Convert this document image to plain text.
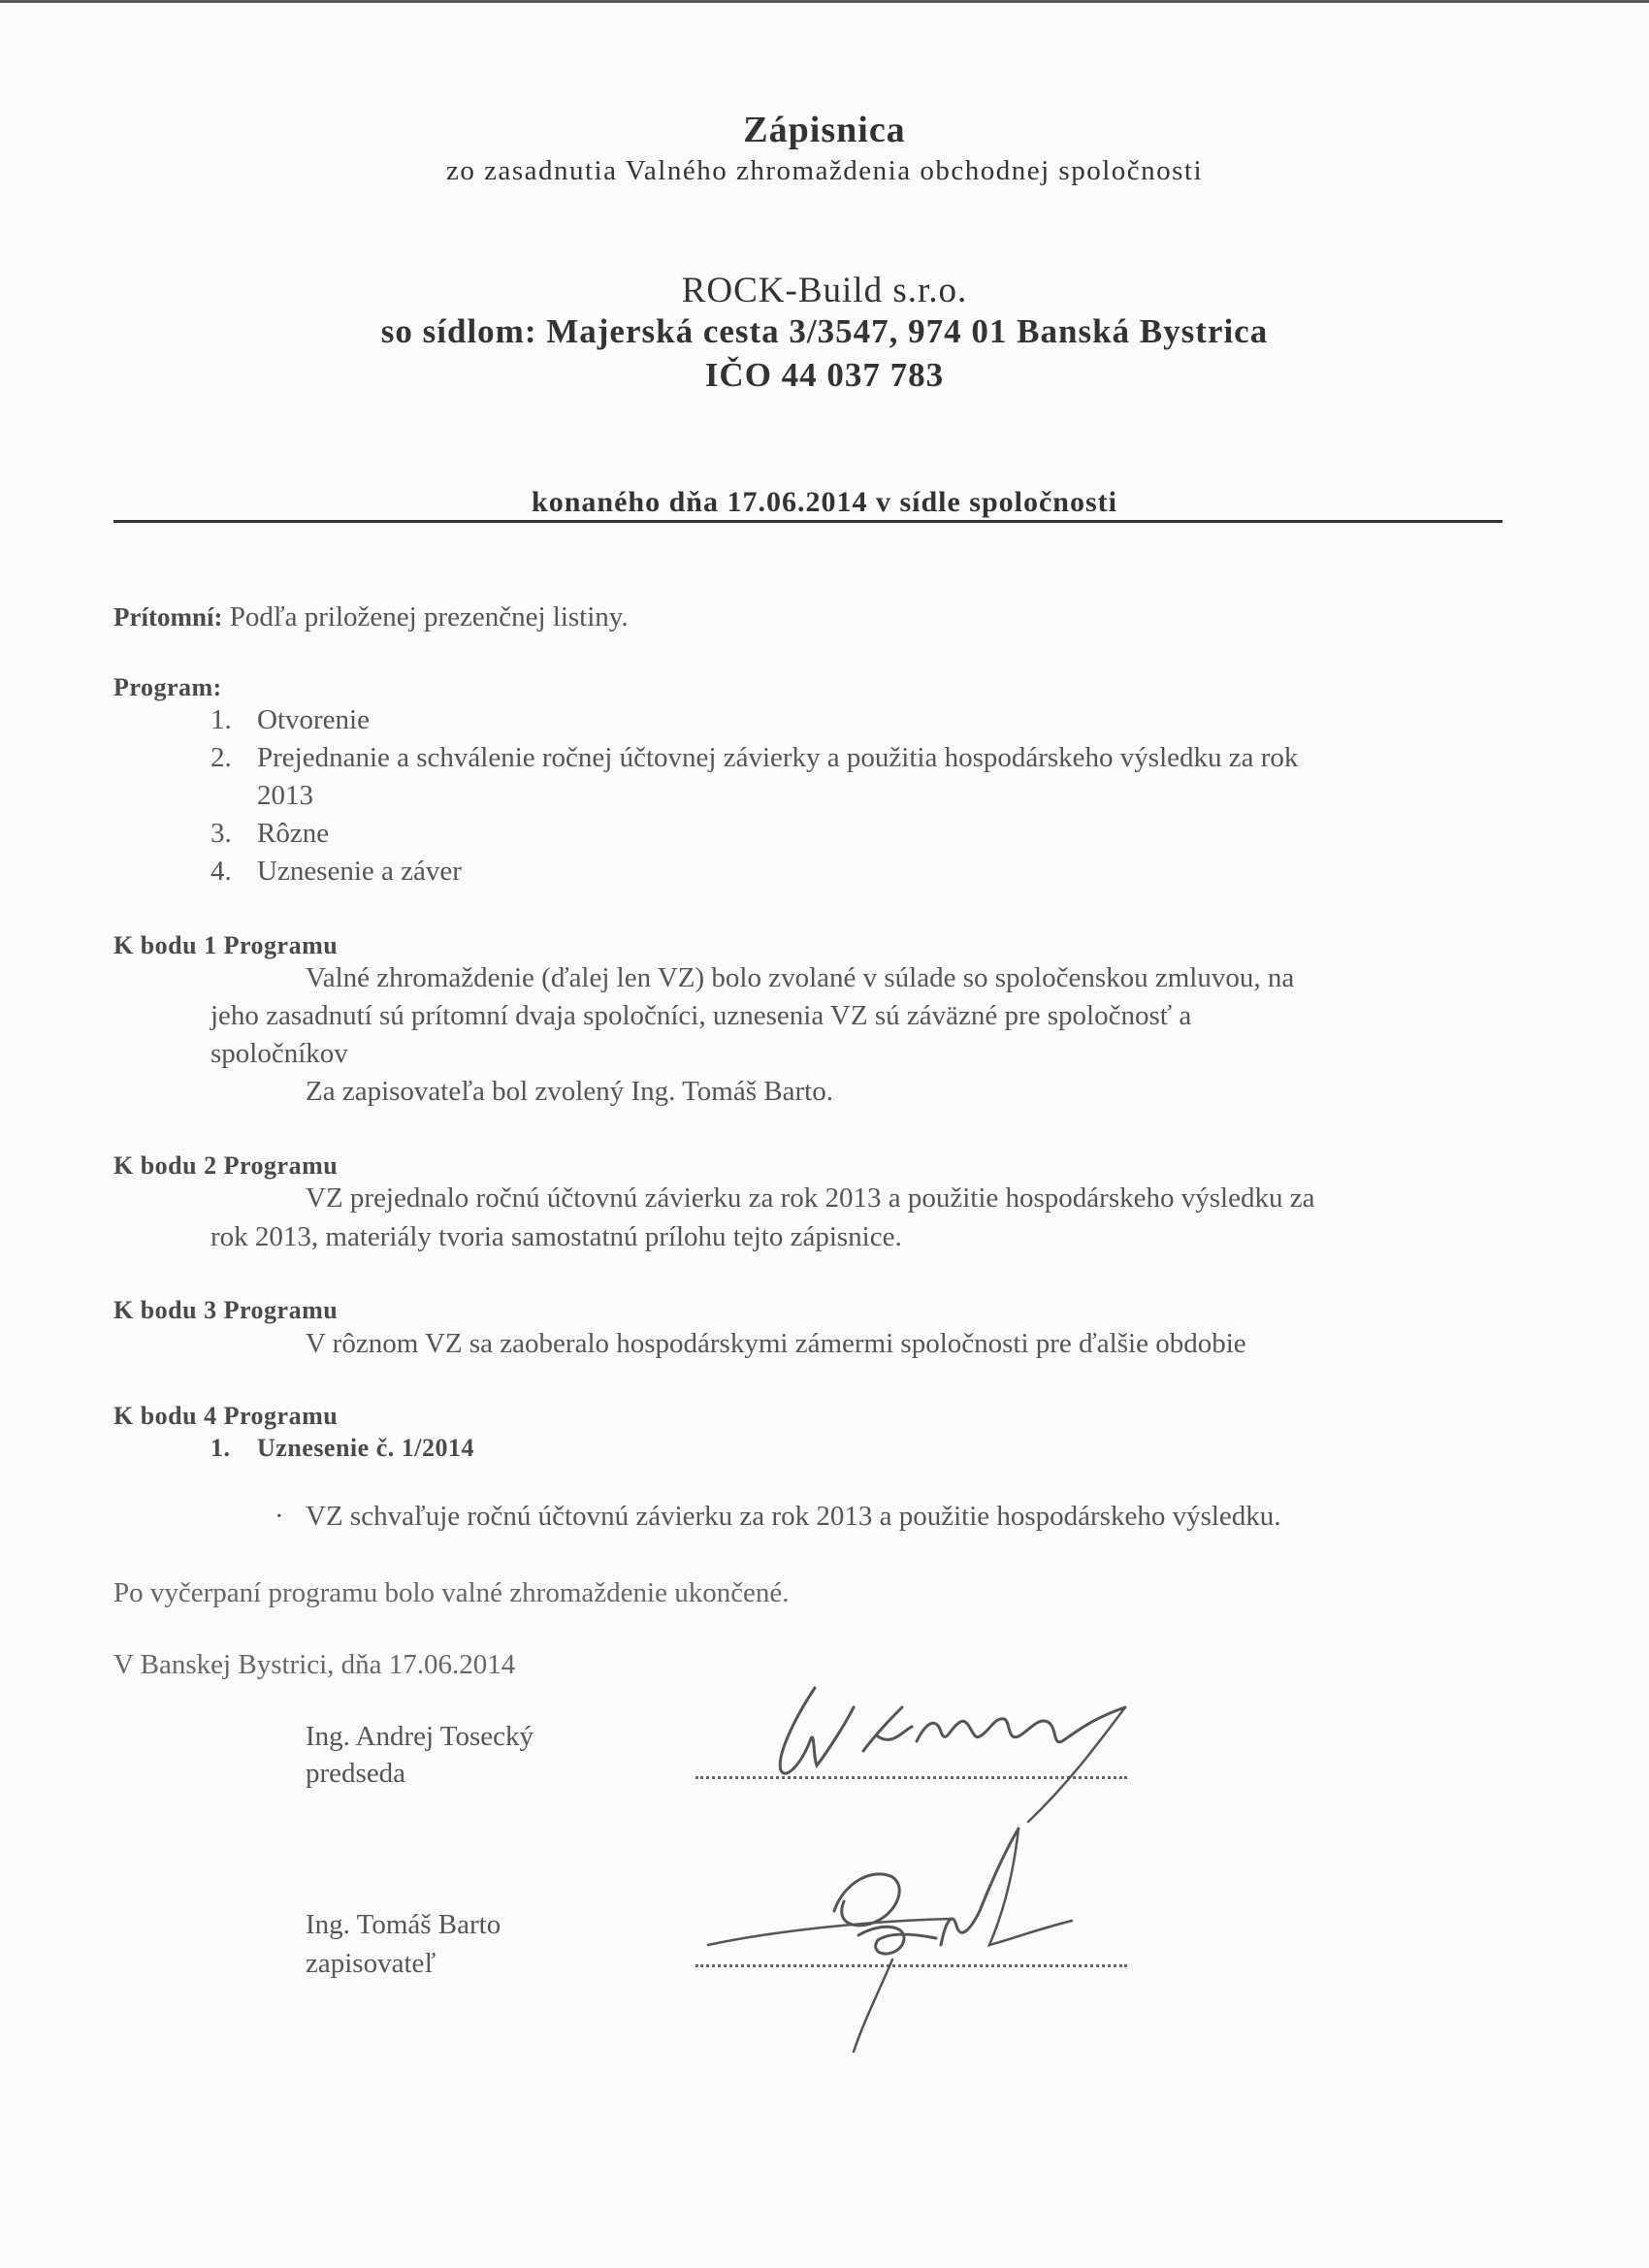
Zápisnica
zo zasadnutia Valného zhromaždenia obchodnej spoločnosti
ROCK-Build s.r.o.
so sídlom: Majerská cesta 3/3547, 974 01 Banská Bystrica
IČO 44 037 783
konaného dňa 17.06.2014 v sídle spoločnosti
Prítomní: Podľa priloženej prezenčnej listiny.
Program:
1. Otvorenie
2. Prejednanie a schválenie ročnej účtovnej závierky a použitia hospodárskeho výsledku za rok
2013
3. Rôzne
4. Uznesenie a záver
K bodu 1 Programu
Valné zhromaždenie (ďalej len VZ) bolo zvolané v súlade so spoločenskou zmluvou, na
jeho zasadnutí sú prítomní dvaja spoločníci, uznesenia VZ sú záväzné pre spoločnosť a
spoločníkov
Za zapisovateľa bol zvolený Ing. Tomáš Barto.
K bodu 2 Programu
VZ prejednalo ročnú účtovnú závierku za rok 2013 a použitie hospodárskeho výsledku za
rok 2013, materiály tvoria samostatnú prílohu tejto zápisnice.
K bodu 3 Programu
V rôznom VZ sa zaoberalo hospodárskymi zámermi spoločnosti pre ďalšie obdobie
K bodu 4 Programu
1. Uznesenie č. 1/2014
· VZ schvaľuje ročnú účtovnú závierku za rok 2013 a použitie hospodárskeho výsledku.
Po vyčerpaní programu bolo valné zhromaždenie ukončené.
V Banskej Bystrici, dňa 17.06.2014
Ing. Andrej Tosecký
predseda
Ing. Tomáš Barto
zapisovateľ
